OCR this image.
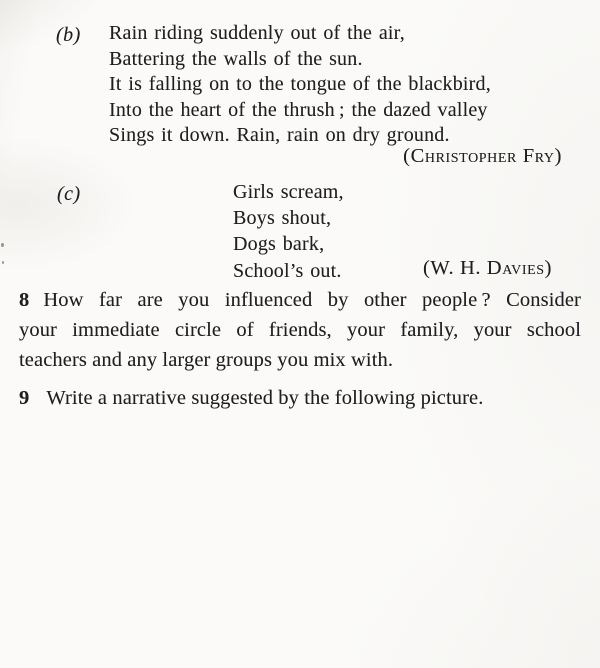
(b) Rain riding suddenly out of the air,
Battering the walls of the sun.
It is falling on to the tongue of the blackbird,
Into the heart of the thrush ; the dazed valley
Sings it down. Rain, rain on dry ground.
(Christopher Fry)
(c)	Girls scream,
Boys shout,
Dogs bark,
School’s out.	(W. H. Davies)
8 How far are you influenced by other people ? Consider
your immediate circle of friends, your family, your school
teachers and any larger groups you mix with.
9 Write a narrative suggested by the following picture.
